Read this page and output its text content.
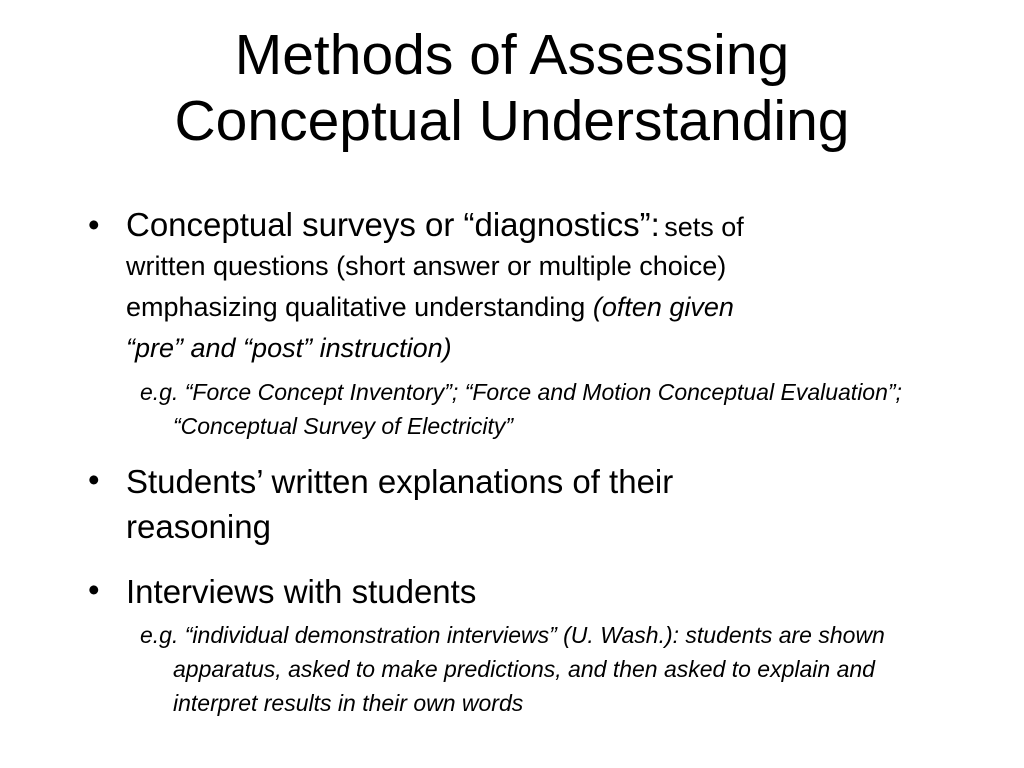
Methods of Assessing
Conceptual Understanding
• Conceptual surveys or “diagnostics”: sets of
written questions (short answer or multiple choice)
emphasizing qualitative understanding (often given
“pre” and “post” instruction)
e.g. “Force Concept Inventory”; “Force and Motion Conceptual Evaluation”; “Conceptual Survey of Electricity”
• Students’ written explanations of their
reasoning
• Interviews with students
e.g. “individual demonstration interviews” (U. Wash.): students are shown apparatus, asked to make predictions, and then asked to explain and interpret results in their own words
